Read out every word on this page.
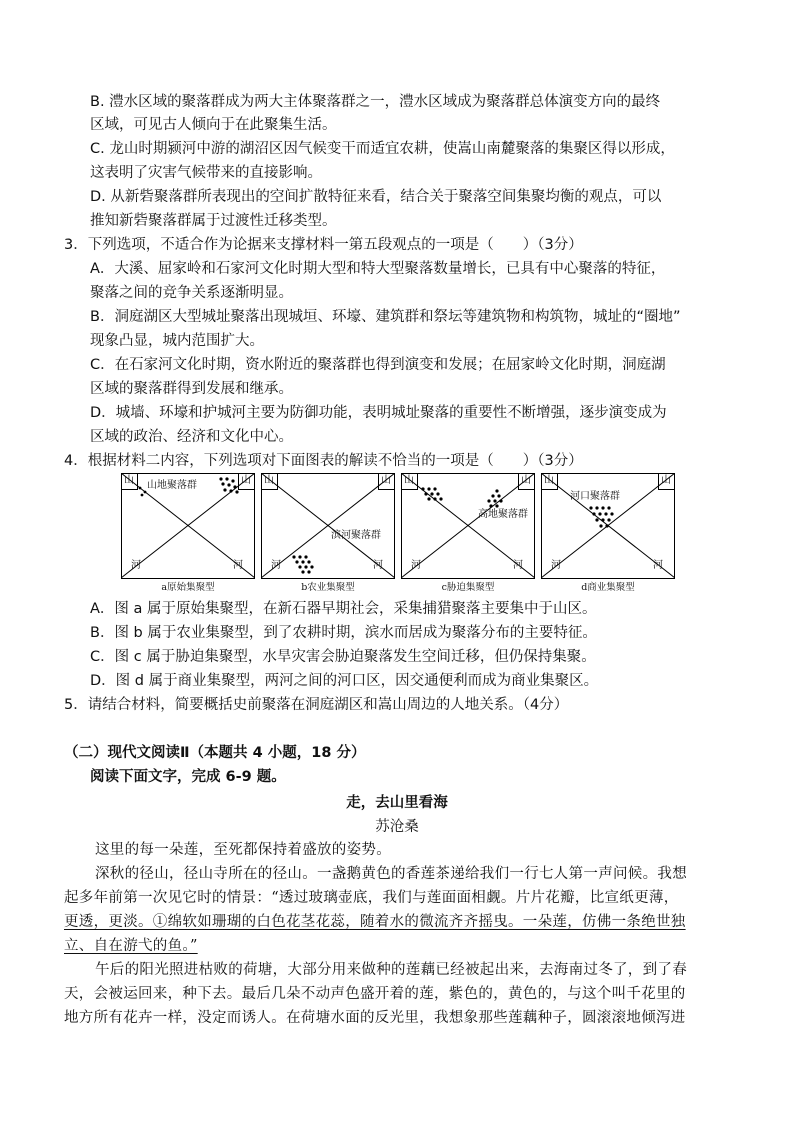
B. 澧水区域的聚落群成为两大主体聚落群之一，澧水区域成为聚落群总体演变方向的最终
区域，可见古人倾向于在此聚集生活。
C. 龙山时期颍河中游的湖沼区因气候变干而适宜农耕，使嵩山南麓聚落的集聚区得以形成，
这表明了灾害气候带来的直接影响。
D. 从新砦聚落群所表现出的空间扩散特征来看，结合关于聚落空间集聚均衡的观点，可以
推知新砦聚落群属于过渡性迁移类型。
3．下列选项，不适合作为论据来支撑材料一第五段观点的一项是（　　）（3分）
A．大溪、屈家岭和石家河文化时期大型和特大型聚落数量增长，已具有中心聚落的特征，
聚落之间的竞争关系逐渐明显。
B．洞庭湖区大型城址聚落出现城垣、环壕、建筑群和祭坛等建筑物和构筑物，城址的“圈地”
现象凸显，城内范围扩大。
C．在石家河文化时期，资水附近的聚落群也得到演变和发展；在屈家岭文化时期，洞庭湖
区域的聚落群得到发展和继承。
D．城墙、环壕和护城河主要为防御功能，表明城址聚落的重要性不断增强，逐步演变成为
区域的政治、经济和文化中心。
4．根据材料二内容，下列选项对下面图表的解读不恰当的一项是（　　）（3分）
山	山
山地聚落群
河	河
a原始集聚型
山	山
滨河聚落群
河	河
b农业集聚型
山	山
高地聚落群
河	河
c胁迫集聚型
山	山
河口聚落群
河	河
d商业集聚型
A．图 a 属于原始集聚型，在新石器早期社会，采集捕猎聚落主要集中于山区。
B．图 b 属于农业集聚型，到了农耕时期，滨水而居成为聚落分布的主要特征。
C．图 c 属于胁迫集聚型，水旱灾害会胁迫聚落发生空间迁移，但仍保持集聚。
D．图 d 属于商业集聚型，两河之间的河口区，因交通便利而成为商业集聚区。
5．请结合材料，简要概括史前聚落在洞庭湖区和嵩山周边的人地关系。（4分）
（二）现代文阅读Ⅱ（本题共 4 小题，18 分）
阅读下面文字，完成 6-9 题。
走，去山里看海
苏沧桑
这里的每一朵莲，至死都保持着盛放的姿势。
深秋的径山，径山寺所在的径山。一盏鹅黄色的香莲茶递给我们一行七人第一声问候。我想
起多年前第一次见它时的情景：“透过玻璃壶底，我们与莲面面相觑。片片花瓣，比宣纸更薄，
更透，更淡。①绵软如珊瑚的白色花茎花蕊，随着水的微流齐齐摇曳。一朵莲，仿佛一条绝世独
立、自在游弋的鱼。”
午后的阳光照进枯败的荷塘，大部分用来做种的莲藕已经被起出来，去海南过冬了，到了春
天，会被运回来，种下去。最后几朵不动声色盛开着的莲，紫色的，黄色的，与这个叫千花里的
地方所有花卉一样，没定而诱人。在荷塘水面的反光里，我想象那些莲藕种子，圆滚滚地倾泻进
